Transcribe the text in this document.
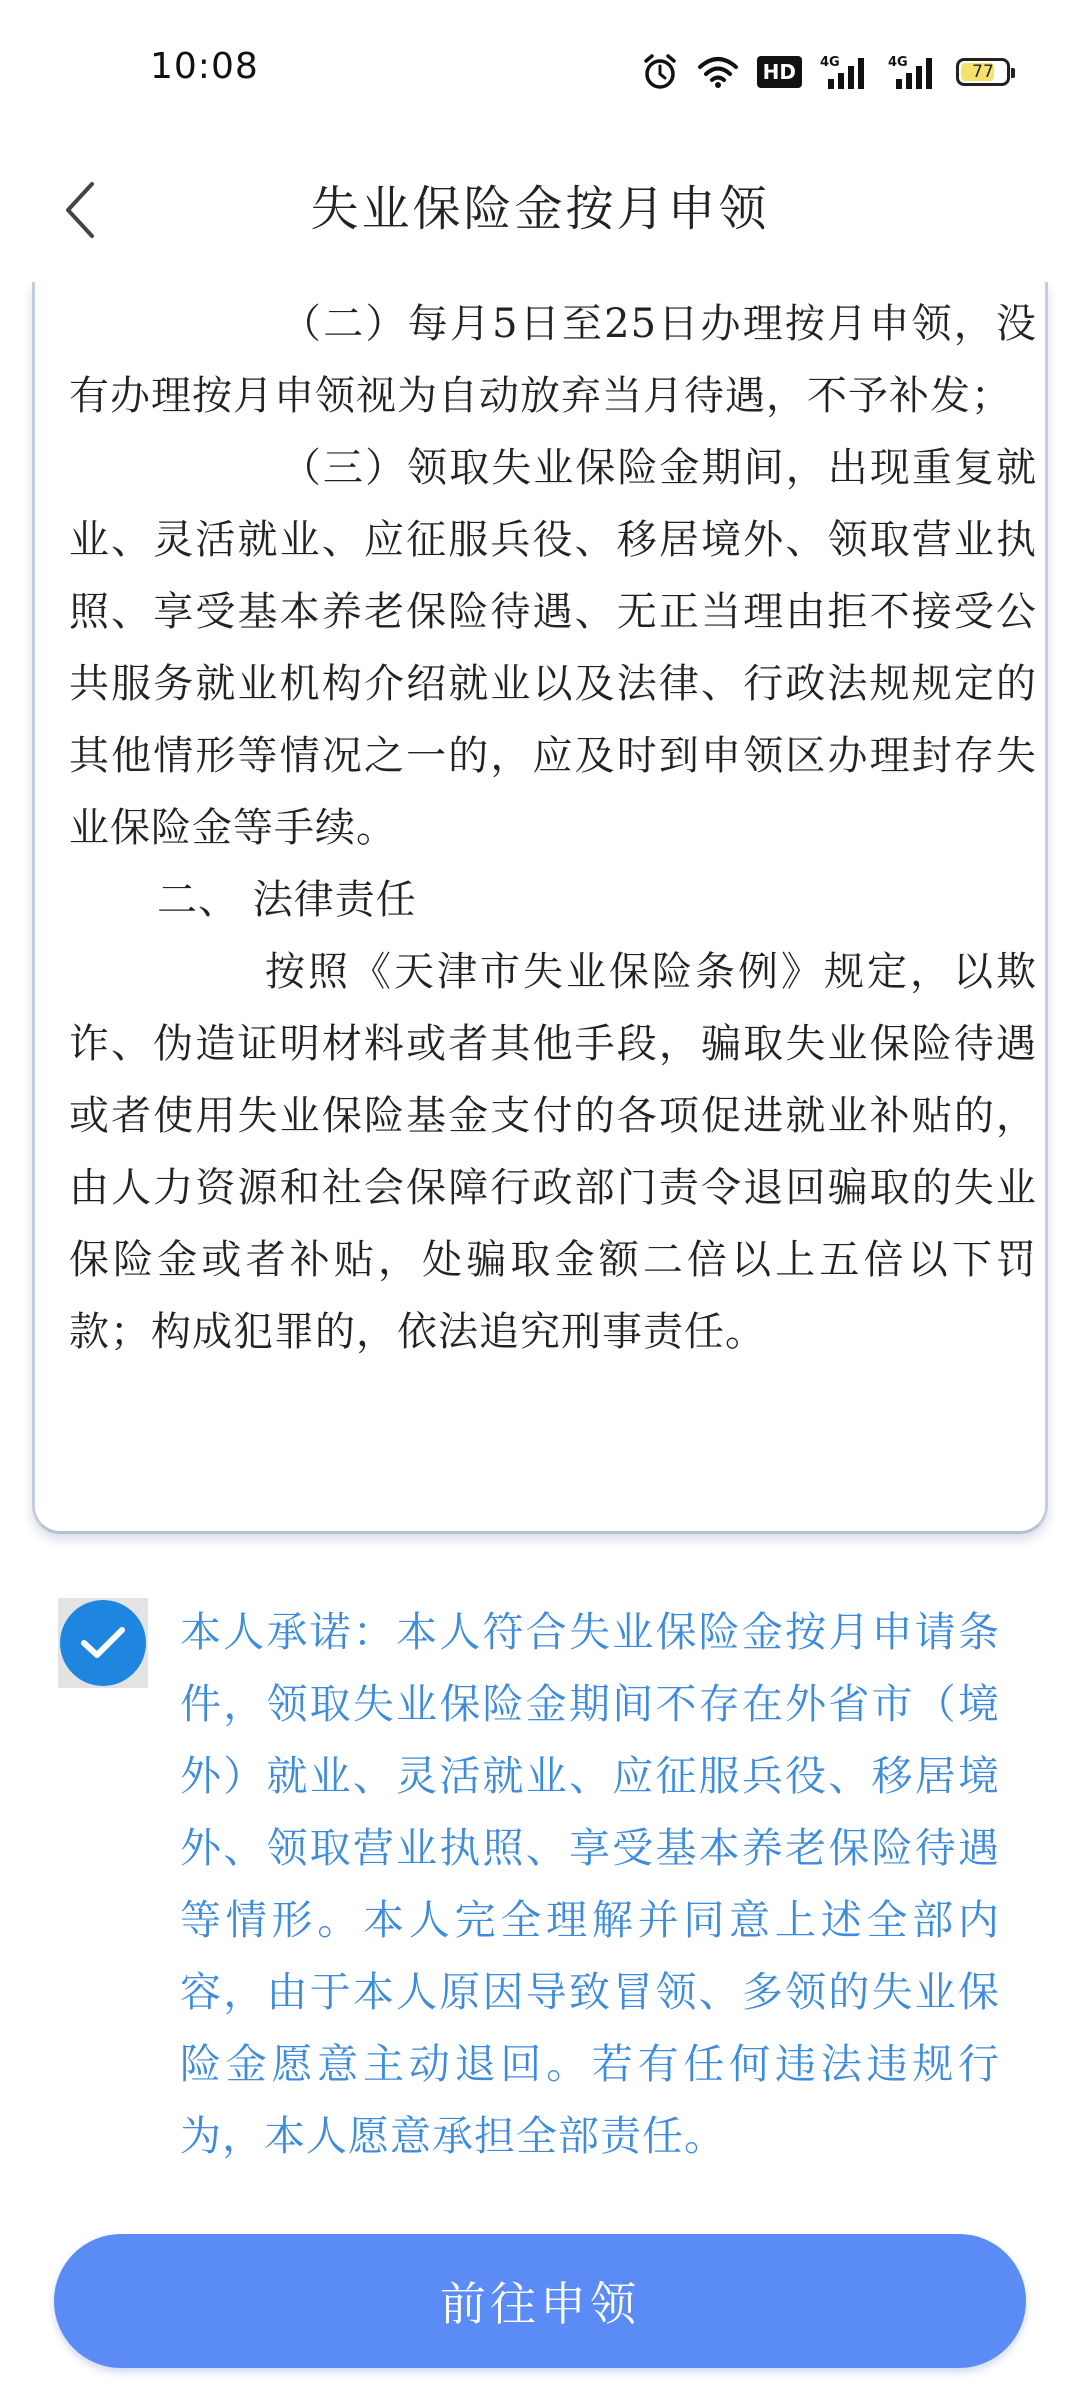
10:08	HD	4G	4G	77
失业保险金按月申领

（二）每月5日至25日办理按月申领，没有办理按月申领视为自动放弃当月待遇，不予补发；

（三）领取失业保险金期间，出现重复就业、灵活就业、应征服兵役、移居境外、领取营业执照、享受基本养老保险待遇、无正当理由拒不接受公共服务就业机构介绍就业以及法律、行政法规规定的其他情形等情况之一的，应及时到申领区办理封存失业保险金等手续。

二、 法律责任

按照《天津市失业保险条例》规定，以欺诈、伪造证明材料或者其他手段，骗取失业保险待遇或者使用失业保险基金支付的各项促进就业补贴的，由人力资源和社会保障行政部门责令退回骗取的失业保险金或者补贴，处骗取金额二倍以上五倍以下罚款；构成犯罪的，依法追究刑事责任。

本人承诺：本人符合失业保险金按月申请条件，领取失业保险金期间不存在外省市（境外）就业、灵活就业、应征服兵役、移居境外、领取营业执照、享受基本养老保险待遇等情形。本人完全理解并同意上述全部内容，由于本人原因导致冒领、多领的失业保险金愿意主动退回。若有任何违法违规行为，本人愿意承担全部责任。
前往申领
